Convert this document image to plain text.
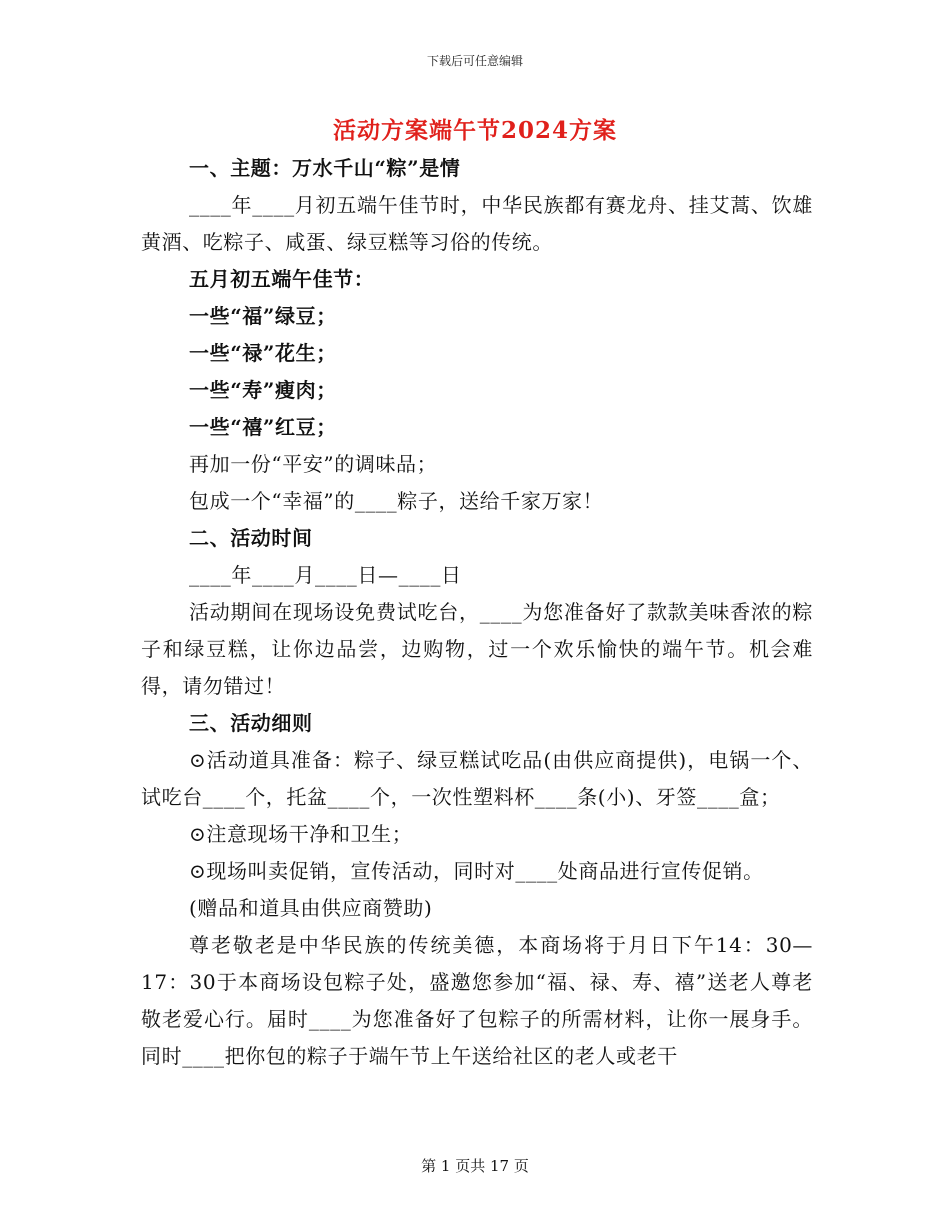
下载后可任意编辑
活动方案端午节2024方案

一、主题：万水千山“粽”是情

____年____月初五端午佳节时，中华民族都有赛龙舟、挂艾蒿、饮雄黄酒、吃粽子、咸蛋、绿豆糕等习俗的传统。

五月初五端午佳节：

一些“福”绿豆；

一些“禄”花生；

一些“寿”瘦肉；

一些“禧”红豆；

再加一份“平安”的调味品；

包成一个“幸福”的____粽子，送给千家万家！

二、活动时间

____年____月____日—____日

活动期间在现场设免费试吃台，____为您准备好了款款美味香浓的粽子和绿豆糕，让你边品尝，边购物，过一个欢乐愉快的端午节。机会难得，请勿错过！

三、活动细则

⊙活动道具准备：粽子、绿豆糕试吃品(由供应商提供)，电锅一个、试吃台____个，托盆____个，一次性塑料杯____条(小)、牙签____盒；

⊙注意现场干净和卫生；

⊙现场叫卖促销，宣传活动，同时对____处商品进行宣传促销。

(赠品和道具由供应商赞助)

尊老敬老是中华民族的传统美德，本商场将于月日下午14：30—17：30于本商场设包粽子处，盛邀您参加“福、禄、寿、禧”送老人尊老敬老爱心行。届时____为您准备好了包粽子的所需材料，让你一展身手。同时____把你包的粽子于端午节上午送给社区的老人或老干

第 1 页共 17 页
